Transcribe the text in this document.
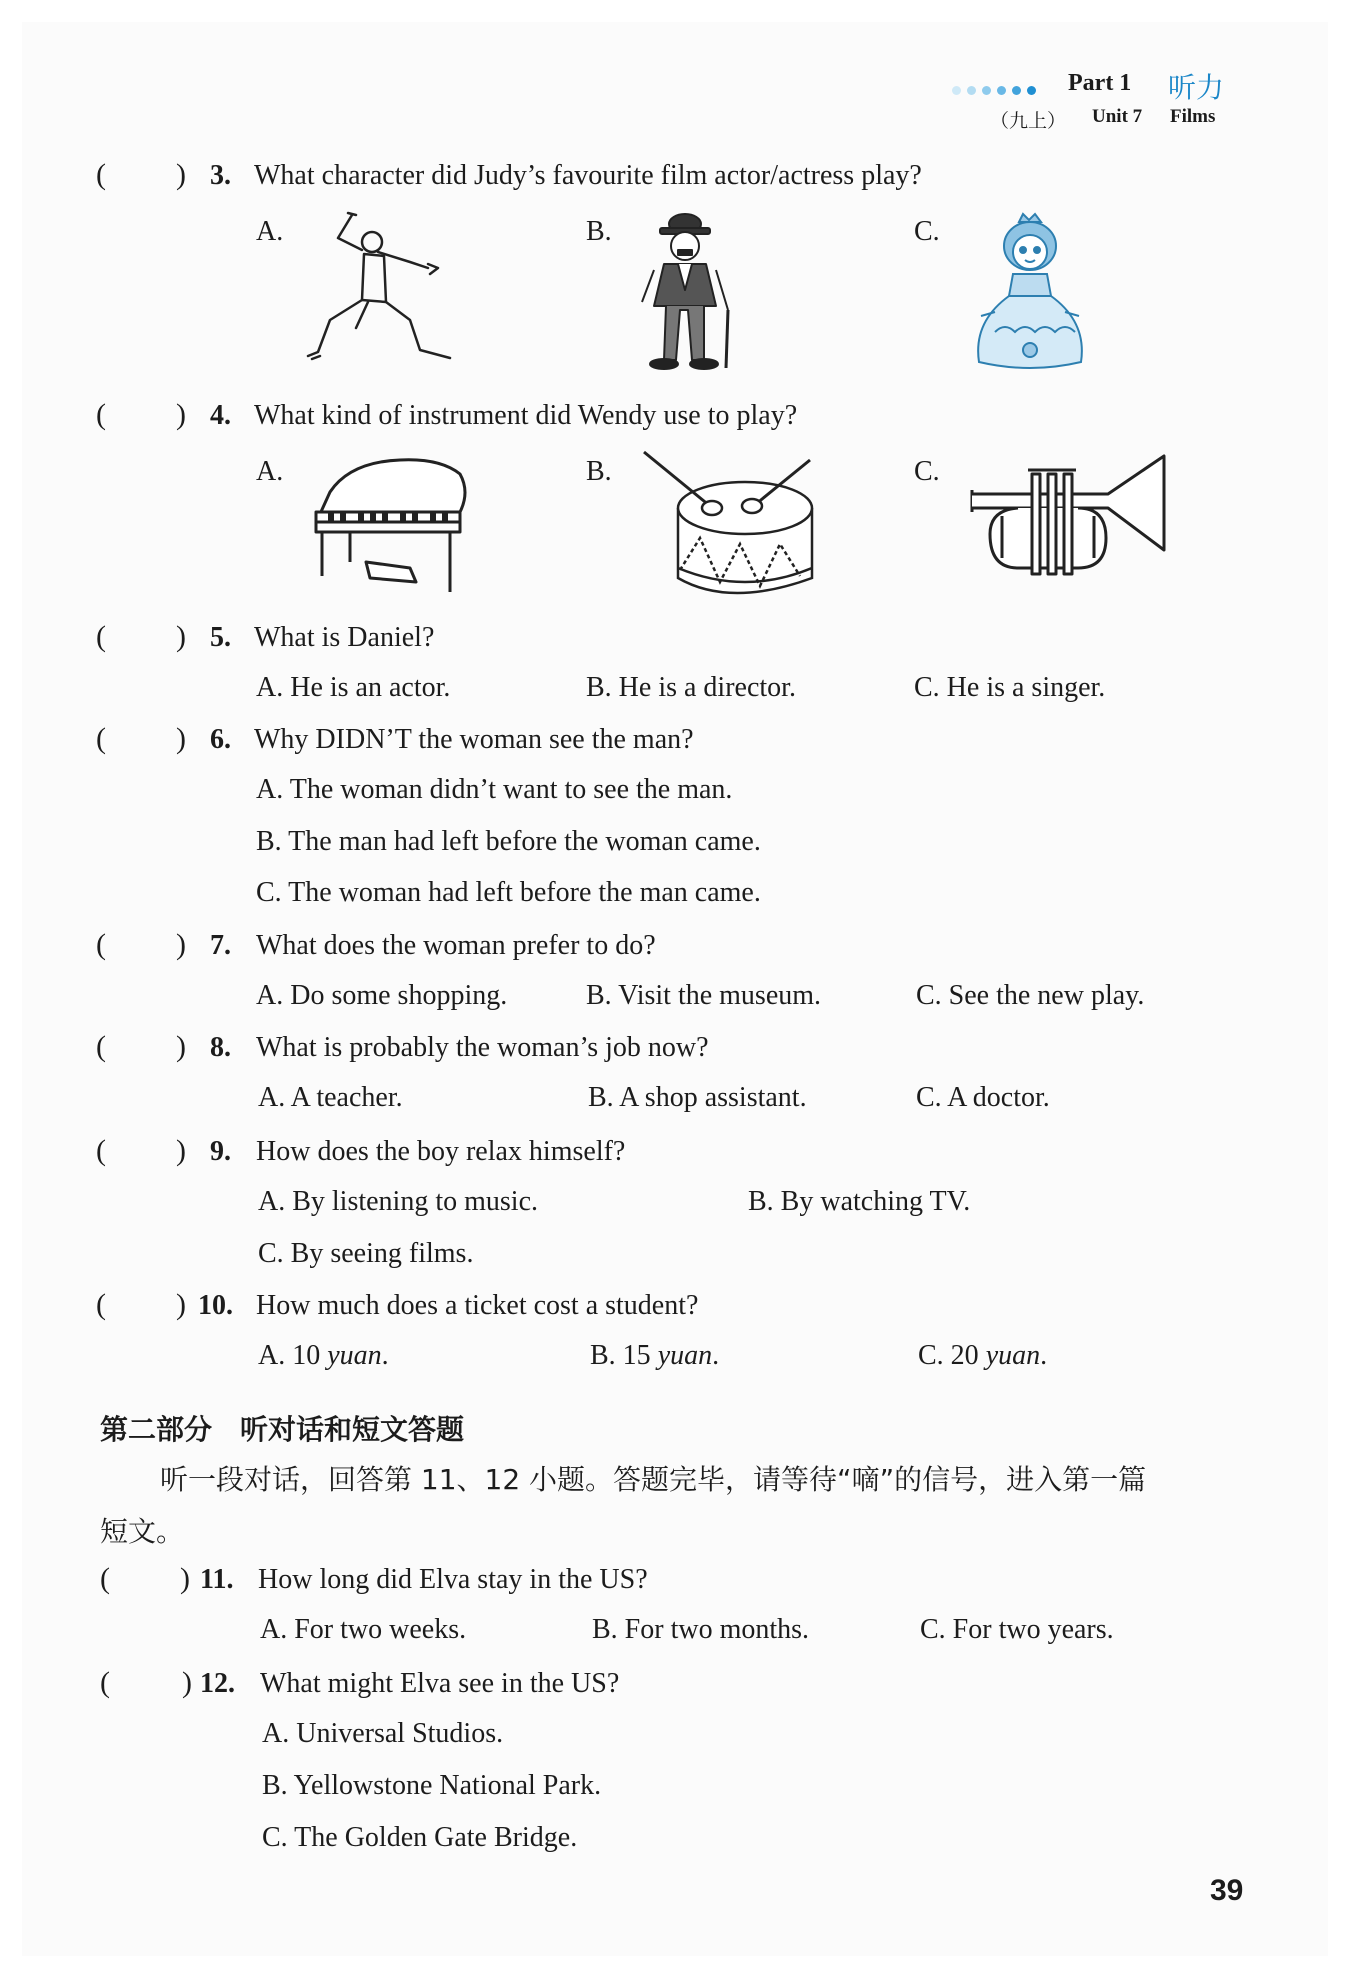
Part 1 听力
（九上） Unit 7 Films
( ) 3. What character did Judy’s favourite film actor/actress play?
A.	B.	C.
( ) 4. What kind of instrument did Wendy use to play?
A.	B.	C.
( ) 5. What is Daniel?
A. He is an actor.	B. He is a director.	C. He is a singer.
( ) 6. Why DIDN’T the woman see the man?
A. The woman didn’t want to see the man.
B. The man had left before the woman came.
C. The woman had left before the man came.
( ) 7. What does the woman prefer to do?
A. Do some shopping.	B. Visit the museum.	C. See the new play.
( ) 8. What is probably the woman’s job now?
A. A teacher.	B. A shop assistant.	C. A doctor.
( ) 9. How does the boy relax himself?
A. By listening to music.	B. By watching TV.
C. By seeing films.
( ) 10. How much does a ticket cost a student?
A. 10 yuan.	B. 15 yuan.	C. 20 yuan.
第二部分　听对话和短文答题
听一段对话，回答第 11、12 小题。答题完毕，请等待“嘀”的信号，进入第一篇
短文。
( ) 11. How long did Elva stay in the US?
A. For two weeks.	B. For two months.	C. For two years.
( ) 12. What might Elva see in the US?
A. Universal Studios.
B. Yellowstone National Park.
C. The Golden Gate Bridge.
39
